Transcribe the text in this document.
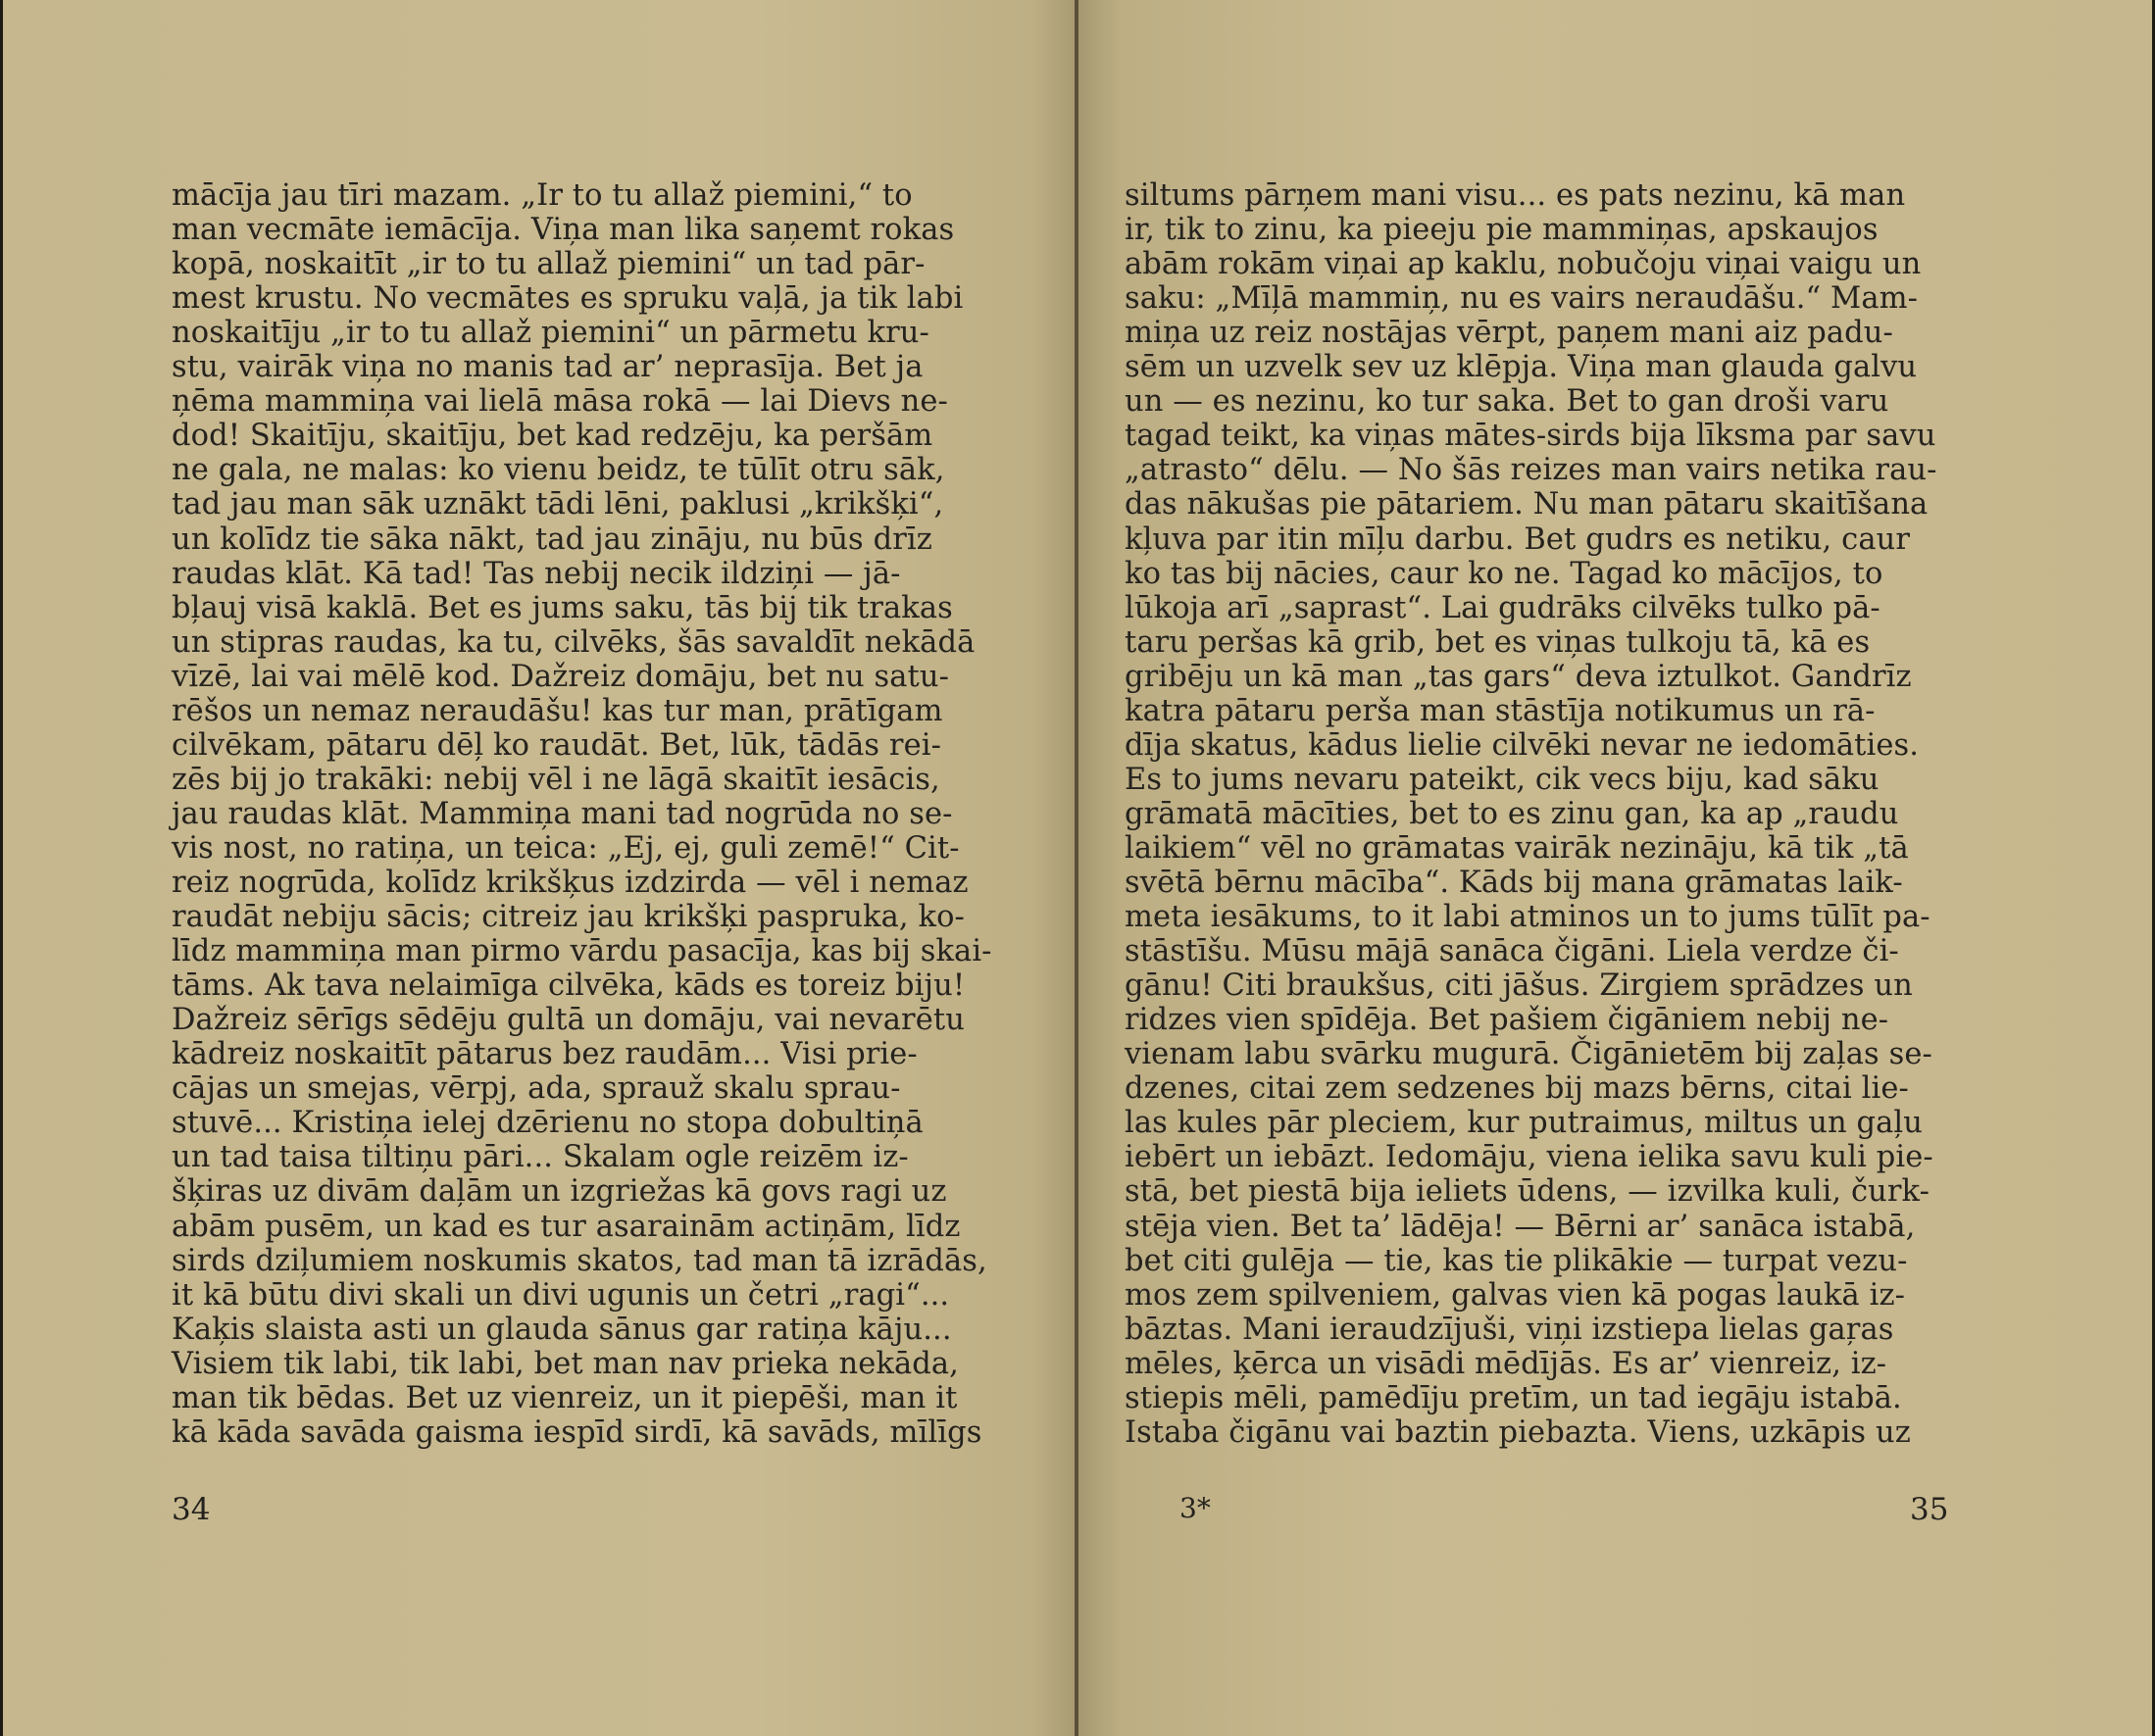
34
mācīja jau tīri mazam. „Ir to tu allaž piemini,“ to
man vecmāte iemācīja. Viņa man lika saņemt rokas
kopā, noskaitīt „ir to tu allaž piemini“ un tad pār-
mest krustu. No vecmātes es spruku vaļā, ja tik labi
noskaitīju „ir to tu allaž piemini“ un pārmetu kru-
stu, vairāk viņa no manis tad ar’ neprasīja. Bet ja
ņēma mammiņa vai lielā māsa rokā — lai Dievs ne-
dod! Skaitīju, skaitīju, bet kad redzēju, ka peršām
ne gala, ne malas: ko vienu beidz, te tūlīt otru sāk,
tad jau man sāk uznākt tādi lēni, paklusi „krikšķi“,
un kolīdz tie sāka nākt, tad jau zināju, nu būs drīz
raudas klāt. Kā tad! Tas nebij necik ildziņi — jā-
bļauj visā kaklā. Bet es jums saku, tās bij tik trakas
un stipras raudas, ka tu, cilvēks, šās savaldīt nekādā
vīzē, lai vai mēlē kod. Dažreiz domāju, bet nu satu-
rēšos un nemaz neraudāšu! kas tur man, prātīgam
cilvēkam, pātaru dēļ ko raudāt. Bet, lūk, tādās rei-
zēs bij jo trakāki: nebij vēl i ne lāgā skaitīt iesācis,
jau raudas klāt. Mammiņa mani tad nogrūda no se-
vis nost, no ratiņa, un teica: „Ej, ej, guli zemē!“ Cit-
reiz nogrūda, kolīdz krikšķus izdzirda — vēl i nemaz
raudāt nebiju sācis; citreiz jau krikšķi paspruka, ko-
līdz mammiņa man pirmo vārdu pasacīja, kas bij skai-
tāms. Ak tava nelaimīga cilvēka, kāds es toreiz biju!
Dažreiz sērīgs sēdēju gultā un domāju, vai nevarētu
kādreiz noskaitīt pātarus bez raudām... Visi prie-
cājas un smejas, vērpj, ada, sprauž skalu sprau-
stuvē... Kristiņa ielej dzērienu no stopa dobultiņā
un tad taisa tiltiņu pāri... Skalam ogle reizēm iz-
šķiras uz divām daļām un izgriežas kā govs ragi uz
abām pusēm, un kad es tur asarainām actiņām, līdz
sirds dziļumiem noskumis skatos, tad man tā izrādās,
it kā būtu divi skali un divi ugunis un četri „ragi“...
Kaķis slaista asti un glauda sānus gar ratiņa kāju...
Visiem tik labi, tik labi, bet man nav prieka nekāda,
man tik bēdas. Bet uz vienreiz, un it piepēši, man it
kā kāda savāda gaisma iespīd sirdī, kā savāds, mīlīgs
3*	35
siltums pārņem mani visu... es pats nezinu, kā man
ir, tik to zinu, ka pieeju pie mammiņas, apskaujos
abām rokām viņai ap kaklu, nobučoju viņai vaigu un
saku: „Mīļā mammiņ, nu es vairs neraudāšu.“ Mam-
miņa uz reiz nostājas vērpt, paņem mani aiz padu-
sēm un uzvelk sev uz klēpja. Viņa man glauda galvu
un — es nezinu, ko tur saka. Bet to gan droši varu
tagad teikt, ka viņas mātes-sirds bija līksma par savu
„atrasto“ dēlu. — No šās reizes man vairs netika rau-
das nākušas pie pātariem. Nu man pātaru skaitīšana
kļuva par itin mīļu darbu. Bet gudrs es netiku, caur
ko tas bij nācies, caur ko ne. Tagad ko mācījos, to
lūkoja arī „saprast“. Lai gudrāks cilvēks tulko pā-
taru peršas kā grib, bet es viņas tulkoju tā, kā es
gribēju un kā man „tas gars“ deva iztulkot. Gandrīz
katra pātaru perša man stāstīja notikumus un rā-
dīja skatus, kādus lielie cilvēki nevar ne iedomāties.
Es to jums nevaru pateikt, cik vecs biju, kad sāku
grāmatā mācīties, bet to es zinu gan, ka ap „raudu
laikiem“ vēl no grāmatas vairāk nezināju, kā tik „tā
svētā bērnu mācība“. Kāds bij mana grāmatas laik-
meta iesākums, to it labi atminos un to jums tūlīt pa-
stāstīšu. Mūsu mājā sanāca čigāni. Liela verdze či-
gānu! Citi braukšus, citi jāšus. Zirgiem sprādzes un
ridzes vien spīdēja. Bet pašiem čigāniem nebij ne-
vienam labu svārku mugurā. Čigānietēm bij zaļas se-
dzenes, citai zem sedzenes bij mazs bērns, citai lie-
las kules pār pleciem, kur putraimus, miltus un gaļu
iebērt un iebāzt. Iedomāju, viena ielika savu kuli pie-
stā, bet piestā bija ieliets ūdens, — izvilka kuli, čurk-
stēja vien. Bet ta’ lādēja! — Bērni ar’ sanāca istabā,
bet citi gulēja — tie, kas tie plikākie — turpat vezu-
mos zem spilveniem, galvas vien kā pogas laukā iz-
bāztas. Mani ieraudzījuši, viņi izstiepa lielas gaŗas
mēles, ķērca un visādi mēdījās. Es ar’ vienreiz, iz-
stiepis mēli, pamēdīju pretīm, un tad iegāju istabā.
Istaba čigānu vai baztin piebazta. Viens, uzkāpis uz
